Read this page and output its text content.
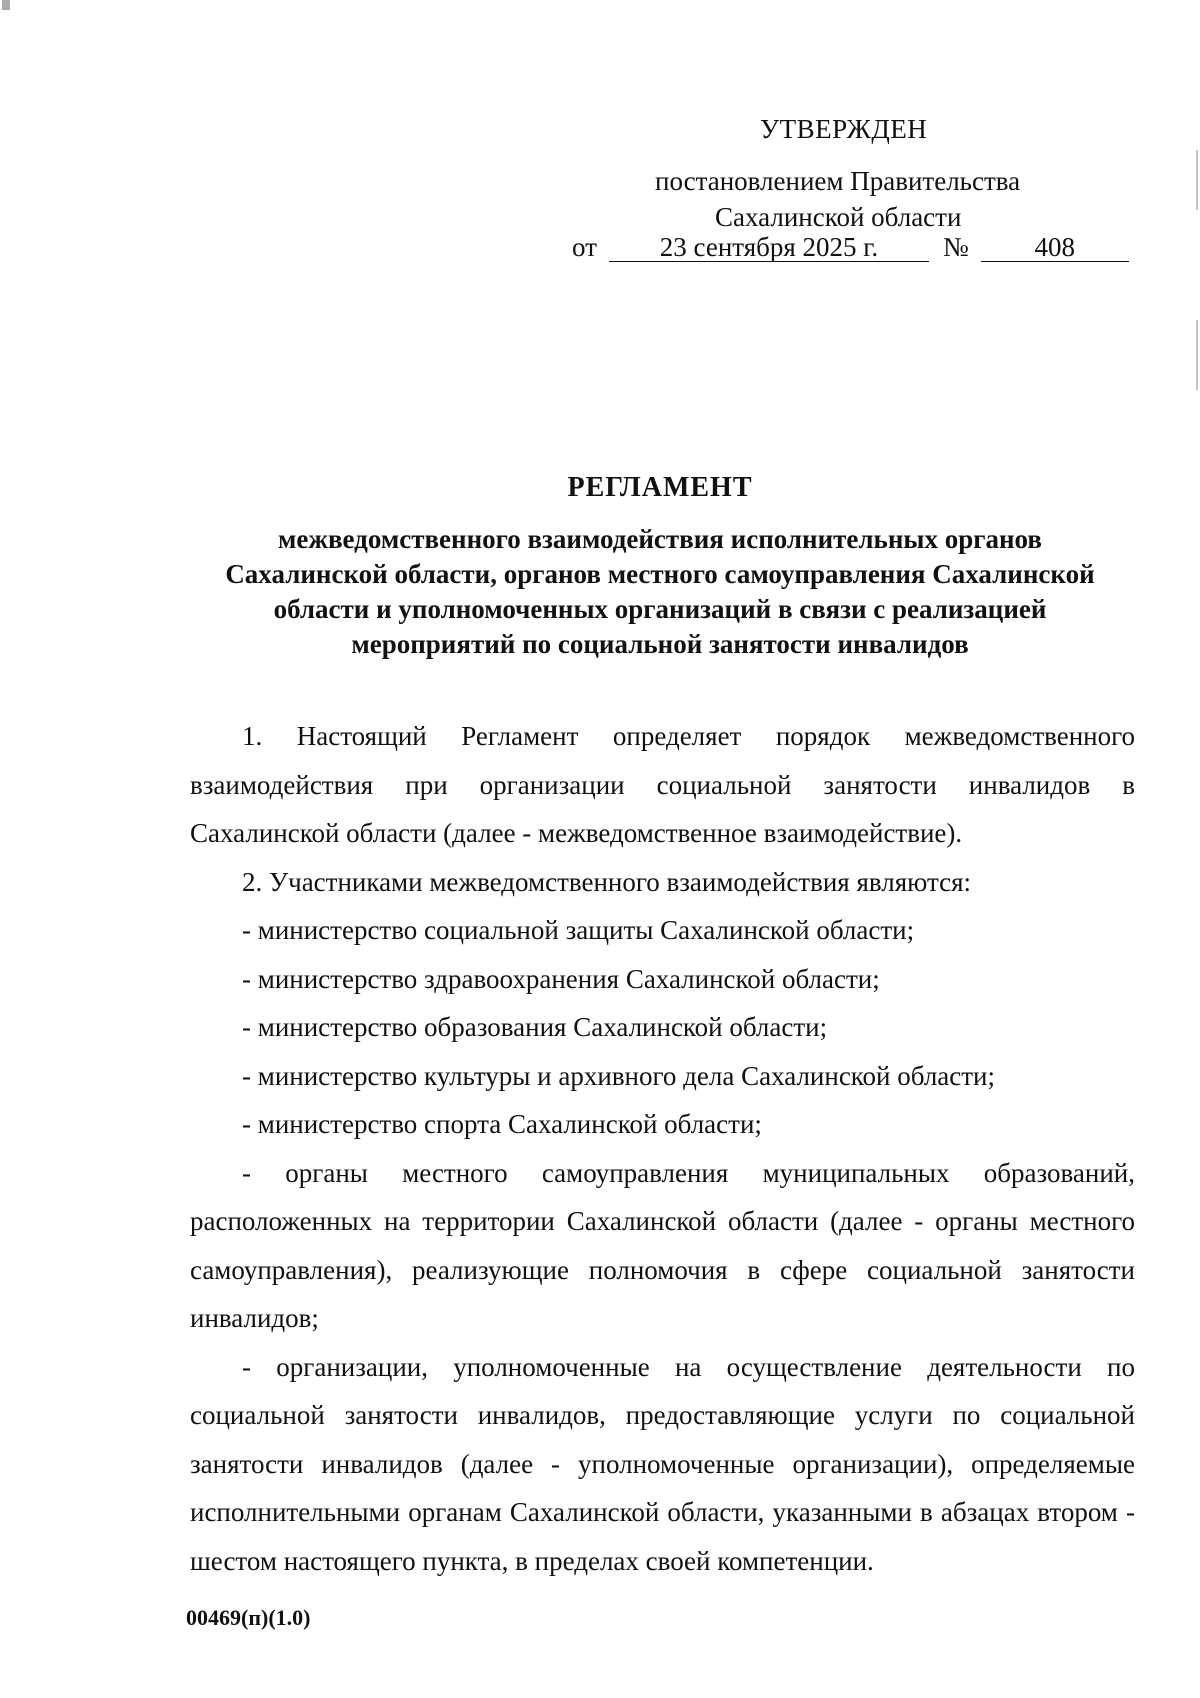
УТВЕРЖДЕН
постановлением Правительства
Сахалинской области
от 23 сентября 2025 г. № 408
РЕГЛАМЕНТ
межведомственного взаимодействия исполнительных органов
Сахалинской области, органов местного самоуправления Сахалинской
области и уполномоченных организаций в связи с реализацией
мероприятий по социальной занятости инвалидов

1. Настоящий Регламент определяет порядок межведомственного взаимодействия при организации социальной занятости инвалидов в Сахалинской области (далее - межведомственное взаимодействие).

2. Участниками межведомственного взаимодействия являются:

- министерство социальной защиты Сахалинской области;

- министерство здравоохранения Сахалинской области;

- министерство образования Сахалинской области;

- министерство культуры и архивного дела Сахалинской области;

- министерство спорта Сахалинской области;

- органы местного самоуправления муниципальных образований, расположенных на территории Сахалинской области (далее - органы местного самоуправления), реализующие полномочия в сфере социальной занятости инвалидов;

- организации, уполномоченные на осуществление деятельности по социальной занятости инвалидов, предоставляющие услуги по социальной занятости инвалидов (далее - уполномоченные организации), определяемые исполнительными органам Сахалинской области, указанными в абзацах втором - шестом настоящего пункта, в пределах своей компетенции.

00469(п)(1.0)
